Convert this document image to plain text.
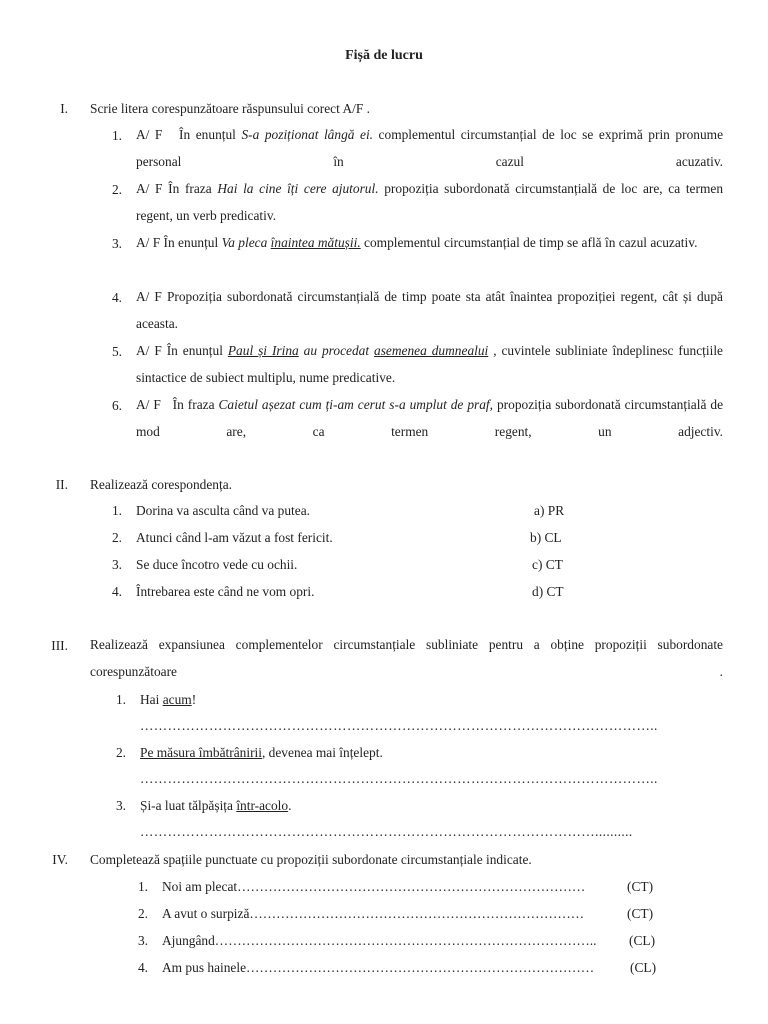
Fișă de lucru
I. Scrie litera corespunzătoare răspunsului corect A/F .
1. A/ F În enunțul S-a poziționat lângă ei. complementul circumstanțial de loc se exprimă prin pronume personal în cazul acuzativ.
2. A/ F În fraza Hai la cine îți cere ajutorul. propoziția subordonată circumstanțială de loc are, ca termen regent, un verb predicativ.
3. A/ F În enunțul Va pleca înaintea mătușii. complementul circumstanțial de timp se află în cazul acuzativ.
4. A/ F Propoziția subordonată circumstanțială de timp poate sta atât înaintea propoziției regent, cât și după aceasta.
5. A/ F În enunțul Paul și Irina au procedat asemenea dumnealui , cuvintele subliniate îndeplinesc funcțiile sintactice de subiect multiplu, nume predicative.
6. A/ F În fraza Caietul așezat cum ți-am cerut s-a umplut de praf, propoziția subordonată circumstanțială de mod are, ca termen regent, un adjectiv.
II. Realizează corespondența.
1. Dorina va asculta când va putea.	a) PR
2. Atunci când l-am văzut a fost fericit.	b) CL
3. Se duce încotro vede cu ochii.	c) CT
4. Întrebarea este când ne vom opri.	d) CT
III. Realizează expansiunea complementelor circumstanțiale subliniate pentru a obține propoziții subordonate corespunzătoare .
1. Hai acum!
…………………………………………………………………………………………………..
2. Pe măsura îmbătrânirii, devenea mai înțelept.
…………………………………………………………………………………………………..
3. Și-a luat tălpășița într-acolo.
………………………………………………………………………………………..........
IV. Completează spațiile punctuate cu propoziții subordonate circumstanțiale indicate.
1. Noi am plecat……………………………………………………………………	(CT)
2. A avut o surpiză…………………………………………………………………	(CT)
3. Ajungând…………………………………………………………………………..	(CL)
4. Am pus hainele……………………………………………………………………	(CL)
